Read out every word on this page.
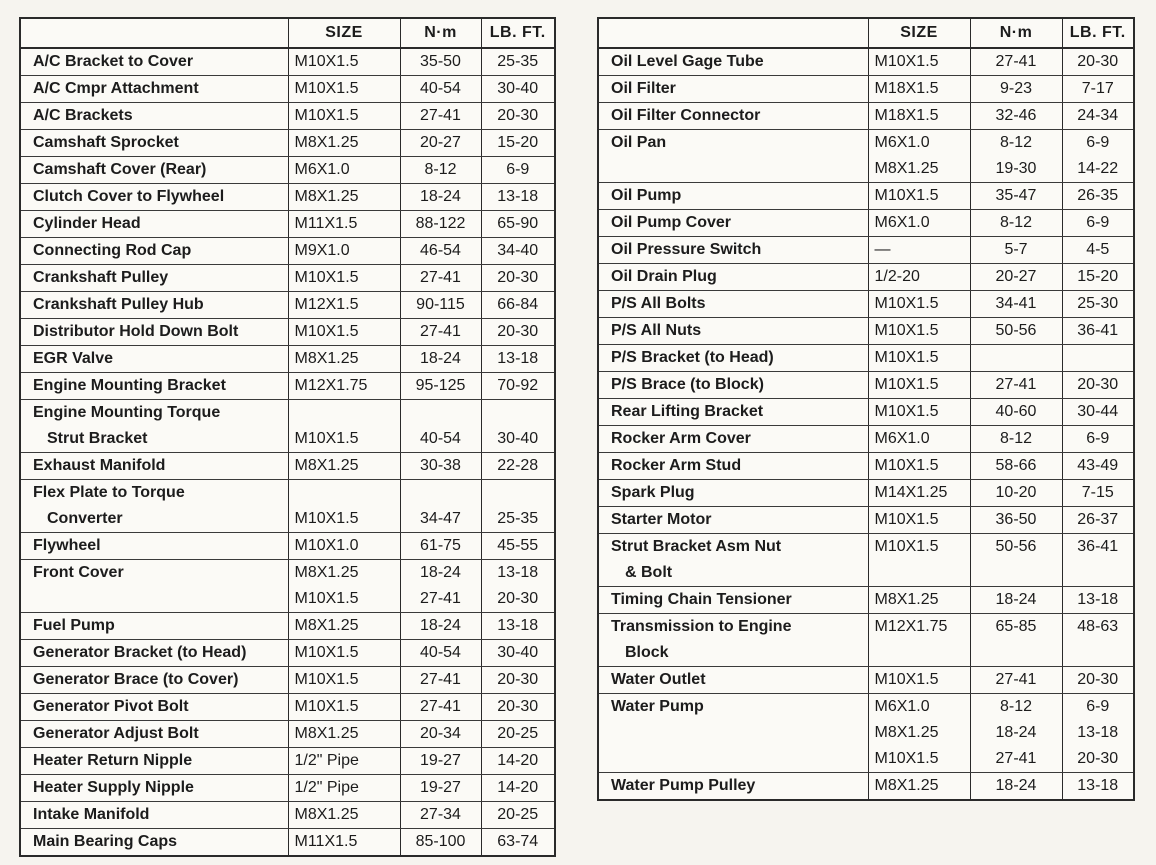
	SIZE	N·m	LB. FT.
A/C Bracket to Cover	M10X1.5	35-50	25-35
A/C Cmpr Attachment	M10X1.5	40-54	30-40
A/C Brackets	M10X1.5	27-41	20-30
Camshaft Sprocket	M8X1.25	20-27	15-20
Camshaft Cover (Rear)	M6X1.0	8-12	6-9
Clutch Cover to Flywheel	M8X1.25	18-24	13-18
Cylinder Head	M11X1.5	88-122	65-90
Connecting Rod Cap	M9X1.0	46-54	34-40
Crankshaft Pulley	M10X1.5	27-41	20-30
Crankshaft Pulley Hub	M12X1.5	90-115	66-84
Distributor Hold Down Bolt	M10X1.5	27-41	20-30
EGR Valve	M8X1.25	18-24	13-18
Engine Mounting Bracket	M12X1.75	95-125	70-92
Engine Mounting Torque			
Strut Bracket	M10X1.5	40-54	30-40
Exhaust Manifold	M8X1.25	30-38	22-28
Flex Plate to Torque			
Converter	M10X1.5	34-47	25-35
Flywheel	M10X1.0	61-75	45-55
Front Cover	M8X1.25	18-24	13-18
	M10X1.5	27-41	20-30
Fuel Pump	M8X1.25	18-24	13-18
Generator Bracket (to Head)	M10X1.5	40-54	30-40
Generator Brace (to Cover)	M10X1.5	27-41	20-30
Generator Pivot Bolt	M10X1.5	27-41	20-30
Generator Adjust Bolt	M8X1.25	20-34	20-25
Heater Return Nipple	1/2" Pipe	19-27	14-20
Heater Supply Nipple	1/2" Pipe	19-27	14-20
Intake Manifold	M8X1.25	27-34	20-25
Main Bearing Caps	M11X1.5	85-100	63-74
	SIZE	N·m	LB. FT.
Oil Level Gage Tube	M10X1.5	27-41	20-30
Oil Filter	M18X1.5	9-23	7-17
Oil Filter Connector	M18X1.5	32-46	24-34
Oil Pan	M6X1.0	8-12	6-9
	M8X1.25	19-30	14-22
Oil Pump	M10X1.5	35-47	26-35
Oil Pump Cover	M6X1.0	8-12	6-9
Oil Pressure Switch	—	5-7	4-5
Oil Drain Plug	1/2-20	20-27	15-20
P/S All Bolts	M10X1.5	34-41	25-30
P/S All Nuts	M10X1.5	50-56	36-41
P/S Bracket (to Head)	M10X1.5		
P/S Brace (to Block)	M10X1.5	27-41	20-30
Rear Lifting Bracket	M10X1.5	40-60	30-44
Rocker Arm Cover	M6X1.0	8-12	6-9
Rocker Arm Stud	M10X1.5	58-66	43-49
Spark Plug	M14X1.25	10-20	7-15
Starter Motor	M10X1.5	36-50	26-37
Strut Bracket Asm Nut	M10X1.5	50-56	36-41
& Bolt			
Timing Chain Tensioner	M8X1.25	18-24	13-18
Transmission to Engine	M12X1.75	65-85	48-63
Block			
Water Outlet	M10X1.5	27-41	20-30
Water Pump	M6X1.0	8-12	6-9
	M8X1.25	18-24	13-18
	M10X1.5	27-41	20-30
Water Pump Pulley	M8X1.25	18-24	13-18
